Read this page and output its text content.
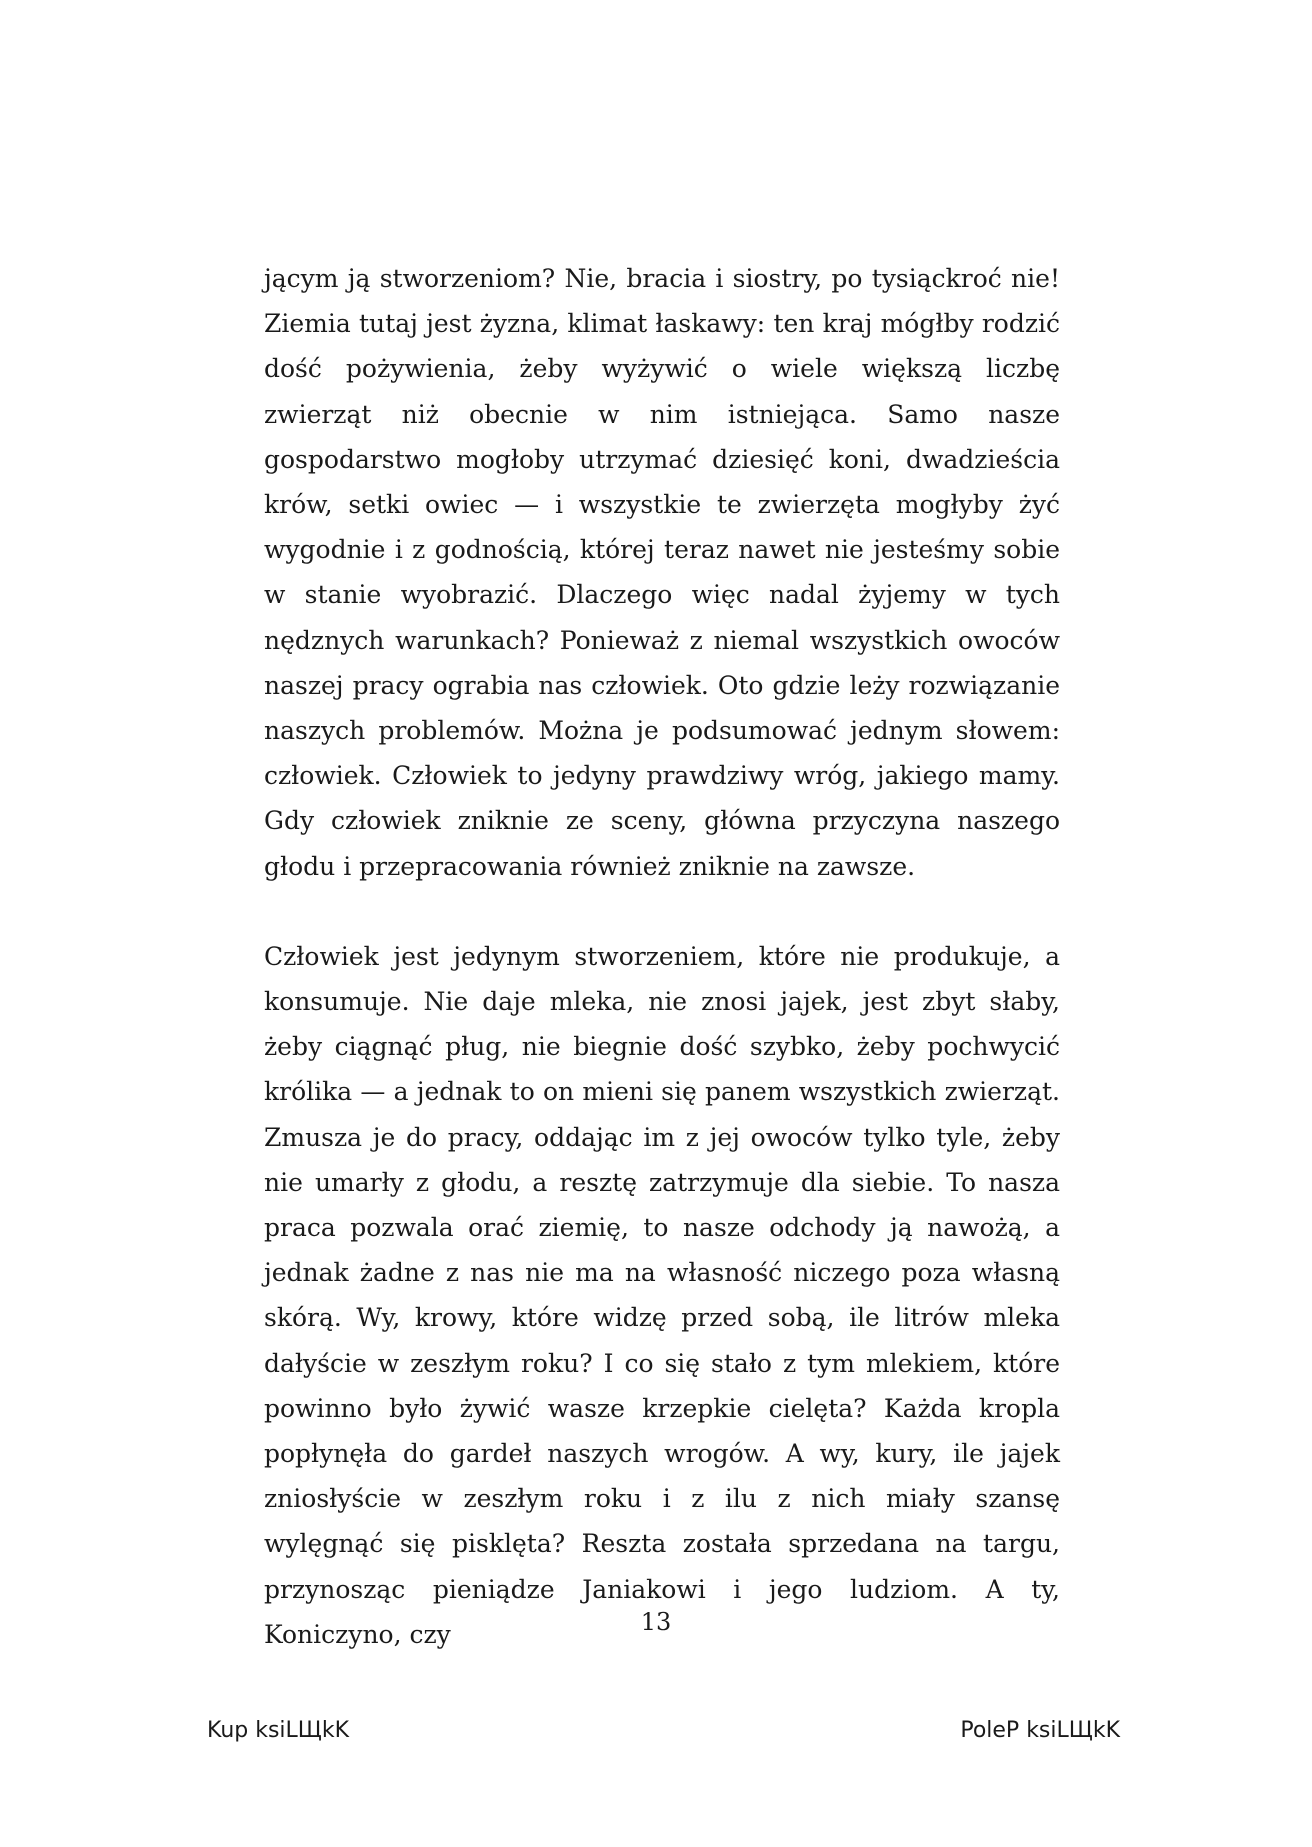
jącym ją stworzeniom? Nie, bracia i siostry, po tysiąckroć nie! Ziemia tutaj jest żyzna, klimat łaskawy: ten kraj mógłby rodzić dość pożywienia, żeby wyżywić o wiele większą liczbę zwierząt niż obecnie w nim istniejąca. Samo nasze gospodarstwo mogłoby utrzymać dziesięć koni, dwadzieścia krów, setki owiec — i wszystkie te zwierzęta mogłyby żyć wygodnie i z godnością, której teraz nawet nie jesteśmy sobie w stanie wyobrazić. Dlaczego więc nadal żyjemy w tych nędznych warunkach? Ponieważ z niemal wszystkich owoców naszej pracy ograbia nas człowiek. Oto gdzie leży rozwiązanie naszych problemów. Można je podsumować jednym słowem: człowiek. Człowiek to jedyny prawdziwy wróg, jakiego mamy. Gdy człowiek zniknie ze sceny, główna przyczyna naszego głodu i przepracowania również zniknie na zawsze.

Człowiek jest jedynym stworzeniem, które nie produkuje, a konsumuje. Nie daje mleka, nie znosi jajek, jest zbyt słaby, żeby ciągnąć pług, nie biegnie dość szybko, żeby pochwycić królika — a jednak to on mieni się panem wszystkich zwierząt. Zmusza je do pracy, oddając im z jej owoców tylko tyle, żeby nie umarły z głodu, a resztę zatrzymuje dla siebie. To nasza praca pozwala orać ziemię, to nasze odchody ją nawożą, a jednak żadne z nas nie ma na własność niczego poza własną skórą. Wy, krowy, które widzę przed sobą, ile litrów mleka dałyście w zeszłym roku? I co się stało z tym mlekiem, które powinno było żywić wasze krzepkie cielęta? Każda kropla popłynęła do gardeł naszych wrogów. A wy, kury, ile jajek zniosłyście w zeszłym roku i z ilu z nich miały szansę wylęgnąć się pisklęta? Reszta została sprzedana na targu, przynosząc pieniądze Janiakowi i jego ludziom. A ty, Koniczyno, czy	13
Kup ksiLЩkK	PoleP ksiLЩkK
